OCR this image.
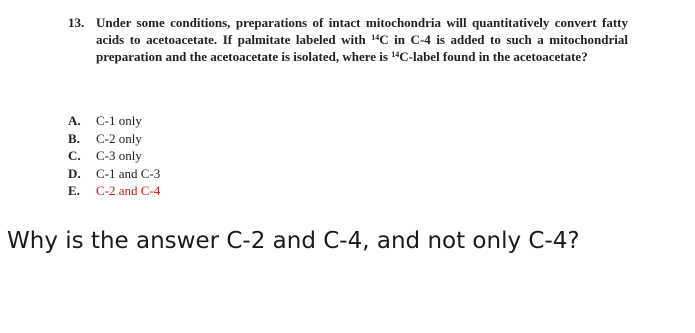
13. Under some conditions, preparations of intact mitochondria will quantitatively convert fatty acids to acetoacetate. If palmitate labeled with $^{14}$C in C-4 is added to such a mitochondrial preparation and the acetoacetate is isolated, where is $^{14}$C-label found in the acetoacetate?
A.	C-1 only
B.	C-2 only
C.	C-3 only
D.	C-1 and C-3
E.	C-2 and C-4
Why is the answer C-2 and C-4, and not only C-4?
